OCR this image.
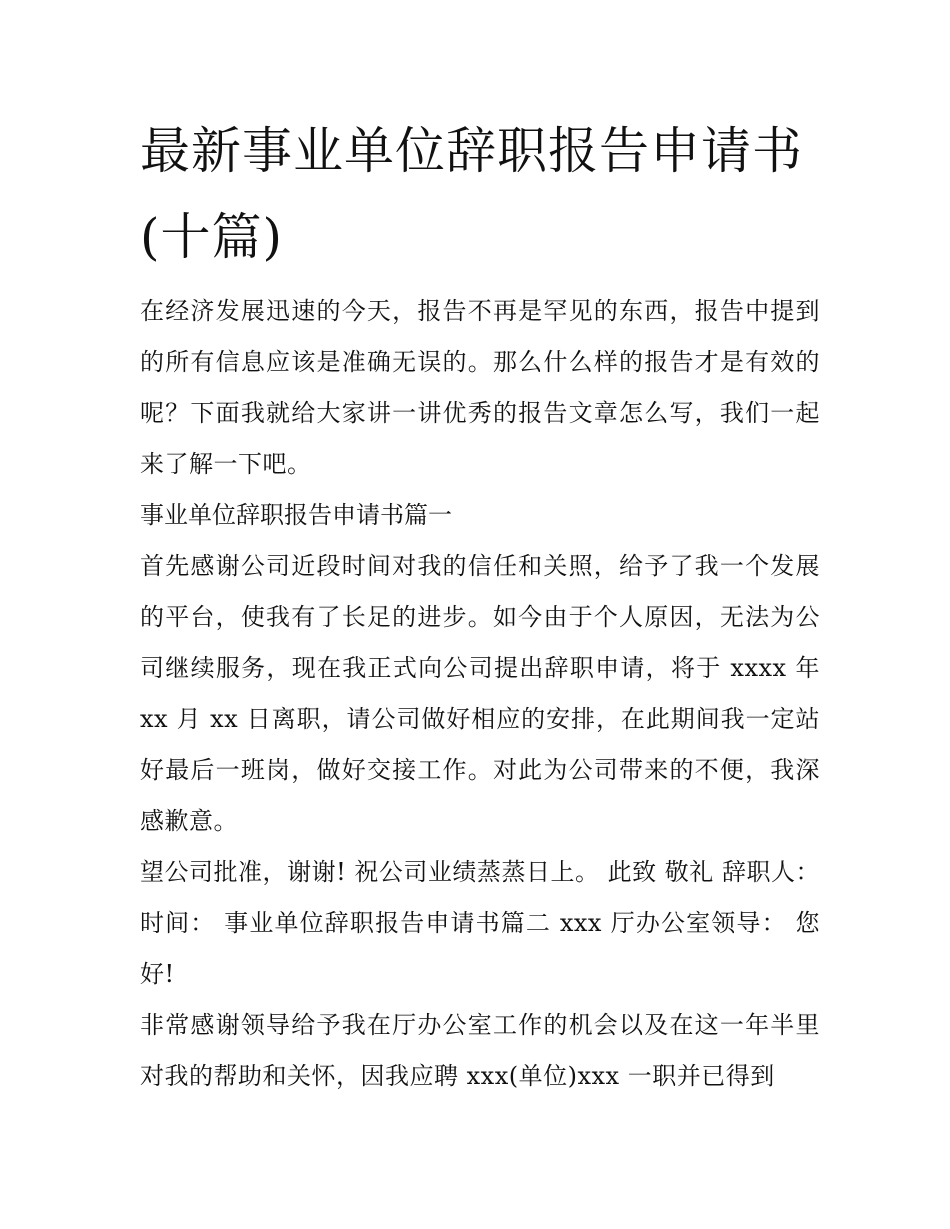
最新事业单位辞职报告申请书(十篇)

在经济发展迅速的今天，报告不再是罕见的东西，报告中提到的所有信息应该是准确无误的。那么什么样的报告才是有效的呢？下面我就给大家讲一讲优秀的报告文章怎么写，我们一起来了解一下吧。

事业单位辞职报告申请书篇一

首先感谢公司近段时间对我的信任和关照，给予了我一个发展的平台，使我有了长足的进步。如今由于个人原因，无法为公司继续服务，现在我正式向公司提出辞职申请，将于 xxxx 年 xx 月 xx 日离职，请公司做好相应的安排，在此期间我一定站好最后一班岗，做好交接工作。对此为公司带来的不便，我深感歉意。

望公司批准，谢谢! 祝公司业绩蒸蒸日上。 此致 敬礼 辞职人： 时间： 事业单位辞职报告申请书篇二 xxx 厅办公室领导： 您好!

非常感谢领导给予我在厅办公室工作的机会以及在这一年半里对我的帮助和关怀，因我应聘 xxx(单位)xxx 一职并已得到
